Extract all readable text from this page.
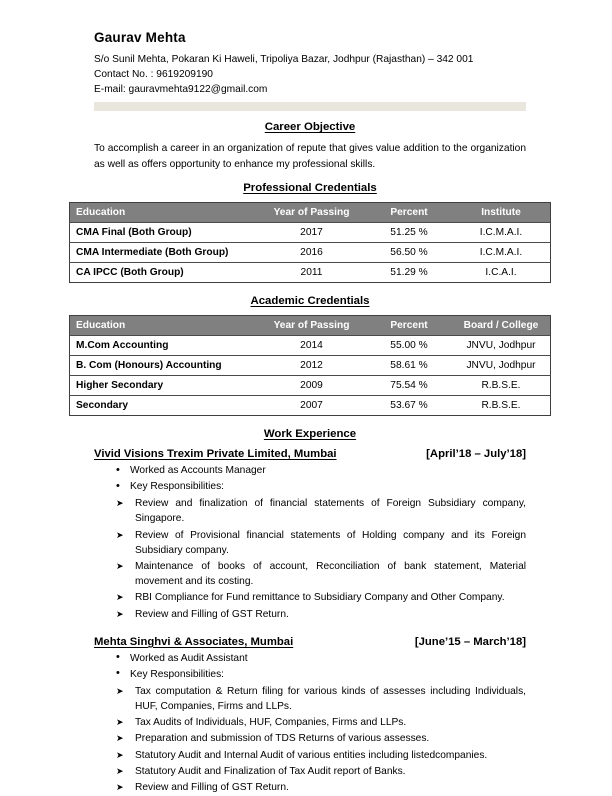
Gaurav Mehta
S/o Sunil Mehta, Pokaran Ki Haweli, Tripoliya Bazar, Jodhpur (Rajasthan) – 342 001
Contact No. : 9619209190
E-mail: gauravmehta9122@gmail.com
Career Objective

To accomplish a career in an organization of repute that gives value addition to the organization as well as offers opportunity to enhance my professional skills.

Professional Credentials
Education	Year of Passing	Percent	Institute
CMA Final (Both Group)	2017	51.25 %	I.C.M.A.I.
CMA Intermediate (Both Group)	2016	56.50 %	I.C.M.A.I.
CA IPCC (Both Group)	2011	51.29 %	I.C.A.I.
Academic Credentials
Education	Year of Passing	Percent	Board / College
M.Com Accounting	2014	55.00 %	JNVU, Jodhpur
B. Com (Honours) Accounting	2012	58.61 %	JNVU, Jodhpur
Higher Secondary	2009	75.54 %	R.B.S.E.
Secondary	2007	53.67 %	R.B.S.E.
Work Experience
Vivid Visions Trexim Private Limited, Mumbai	[April’18 – July’18]
• Worked as Accounts Manager
• Key Responsibilities:
➤ Review and finalization of financial statements of Foreign Subsidiary company, Singapore.
➤ Review of Provisional financial statements of Holding company and its Foreign Subsidiary company.
➤ Maintenance of books of account, Reconciliation of bank statement, Material movement and its costing.
➤ RBI Compliance for Fund remittance to Subsidiary Company and Other Company.
➤ Review and Filling of GST Return.
Mehta Singhvi & Associates, Mumbai	[June’15 – March’18]
• Worked as Audit Assistant
• Key Responsibilities:
➤ Tax computation & Return filing for various kinds of assesses including Individuals, HUF, Companies, Firms and LLPs.
➤ Tax Audits of Individuals, HUF, Companies, Firms and LLPs.
➤ Preparation and submission of TDS Returns of various assesses.
➤ Statutory Audit and Internal Audit of various entities including listedcompanies.
➤ Statutory Audit and Finalization of Tax Audit report of Banks.
➤ Review and Filling of GST Return.
